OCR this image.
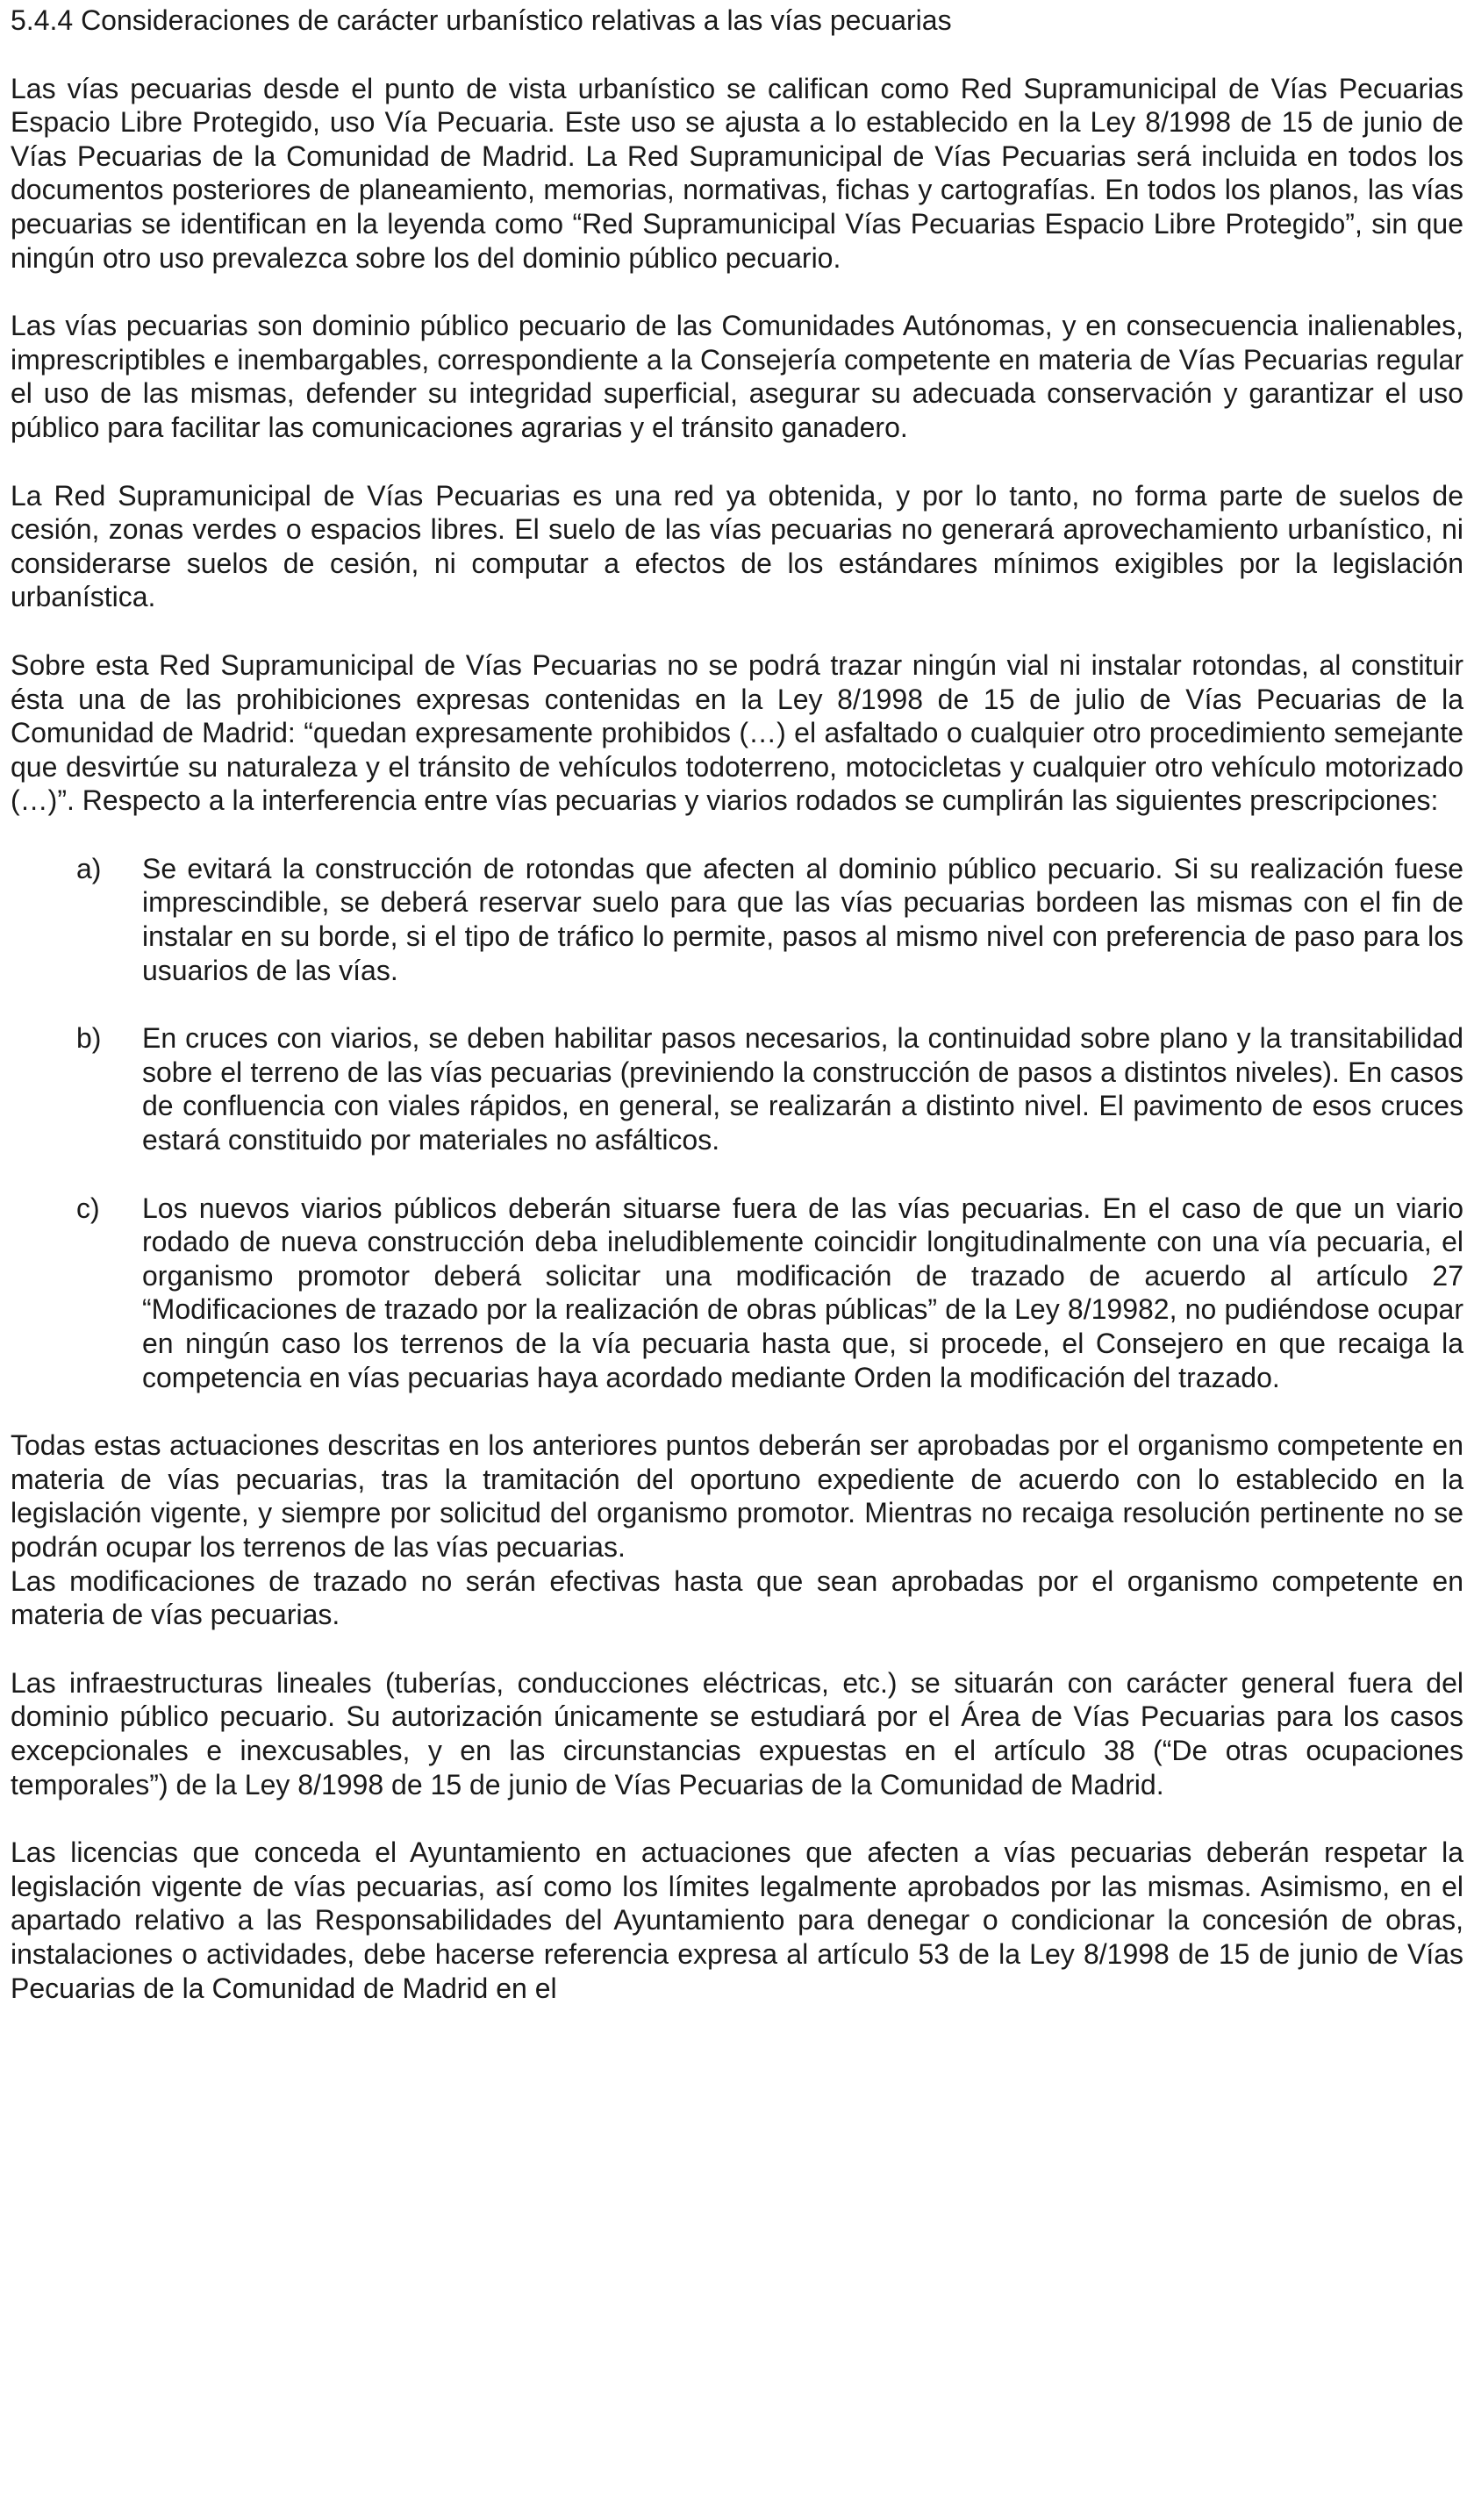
5.4.4 Consideraciones de carácter urbanístico relativas a las vías pecuarias

Las vías pecuarias desde el punto de vista urbanístico se califican como Red Supramunicipal de Vías Pecuarias Espacio Libre Protegido, uso Vía Pecuaria. Este uso se ajusta a lo establecido en la Ley 8/1998 de 15 de junio de Vías Pecuarias de la Comunidad de Madrid. La Red Supramunicipal de Vías Pecuarias será incluida en todos los documentos posteriores de planeamiento, memorias, normativas, fichas y cartografías. En todos los planos, las vías pecuarias se identifican en la leyenda como “Red Supramunicipal Vías Pecuarias Espacio Libre Protegido”, sin que ningún otro uso prevalezca sobre los del dominio público pecuario.

Las vías pecuarias son dominio público pecuario de las Comunidades Autónomas, y en consecuencia inalienables, imprescriptibles e inembargables, correspondiente a la Consejería competente en materia de Vías Pecuarias regular el uso de las mismas, defender su integridad superficial, asegurar su adecuada conservación y garantizar el uso público para facilitar las comunicaciones agrarias y el tránsito ganadero.

La Red Supramunicipal de Vías Pecuarias es una red ya obtenida, y por lo tanto, no forma parte de suelos de cesión, zonas verdes o espacios libres. El suelo de las vías pecuarias no generará aprovechamiento urbanístico, ni considerarse suelos de cesión, ni computar a efectos de los estándares mínimos exigibles por la legislación urbanística.

Sobre esta Red Supramunicipal de Vías Pecuarias no se podrá trazar ningún vial ni instalar rotondas, al constituir ésta una de las prohibiciones expresas contenidas en la Ley 8/1998 de 15 de julio de Vías Pecuarias de la Comunidad de Madrid: “quedan expresamente prohibidos (…) el asfaltado o cualquier otro procedimiento semejante que desvirtúe su naturaleza y el tránsito de vehículos todoterreno, motocicletas y cualquier otro vehículo motorizado (…)”. Respecto a la interferencia entre vías pecuarias y viarios rodados se cumplirán las siguientes prescripciones:

a) Se evitará la construcción de rotondas que afecten al dominio público pecuario. Si su realización fuese imprescindible, se deberá reservar suelo para que las vías pecuarias bordeen las mismas con el fin de instalar en su borde, si el tipo de tráfico lo permite, pasos al mismo nivel con preferencia de paso para los usuarios de las vías.
b) En cruces con viarios, se deben habilitar pasos necesarios, la continuidad sobre plano y la transitabilidad sobre el terreno de las vías pecuarias (previniendo la construcción de pasos a distintos niveles). En casos de confluencia con viales rápidos, en general, se realizarán a distinto nivel. El pavimento de esos cruces estará constituido por materiales no asfálticos.
c) Los nuevos viarios públicos deberán situarse fuera de las vías pecuarias. En el caso de que un viario rodado de nueva construcción deba ineludiblemente coincidir longitudinalmente con una vía pecuaria, el organismo promotor deberá solicitar una modificación de trazado de acuerdo al artículo 27 “Modificaciones de trazado por la realización de obras públicas” de la Ley 8/19982, no pudiéndose ocupar en ningún caso los terrenos de la vía pecuaria hasta que, si procede, el Consejero en que recaiga la competencia en vías pecuarias haya acordado mediante Orden la modificación del trazado.

Todas estas actuaciones descritas en los anteriores puntos deberán ser aprobadas por el organismo competente en materia de vías pecuarias, tras la tramitación del oportuno expediente de acuerdo con lo establecido en la legislación vigente, y siempre por solicitud del organismo promotor. Mientras no recaiga resolución pertinente no se podrán ocupar los terrenos de las vías pecuarias.

Las modificaciones de trazado no serán efectivas hasta que sean aprobadas por el organismo competente en materia de vías pecuarias.

Las infraestructuras lineales (tuberías, conducciones eléctricas, etc.) se situarán con carácter general fuera del dominio público pecuario. Su autorización únicamente se estudiará por el Área de Vías Pecuarias para los casos excepcionales e inexcusables, y en las circunstancias expuestas en el artículo 38 (“De otras ocupaciones temporales”) de la Ley 8/1998 de 15 de junio de Vías Pecuarias de la Comunidad de Madrid.

Las licencias que conceda el Ayuntamiento en actuaciones que afecten a vías pecuarias deberán respetar la legislación vigente de vías pecuarias, así como los límites legalmente aprobados por las mismas. Asimismo, en el apartado relativo a las Responsabilidades del Ayuntamiento para denegar o condicionar la concesión de obras, instalaciones o actividades, debe hacerse referencia expresa al artículo 53 de la Ley 8/1998 de 15 de junio de Vías Pecuarias de la Comunidad de Madrid en el
